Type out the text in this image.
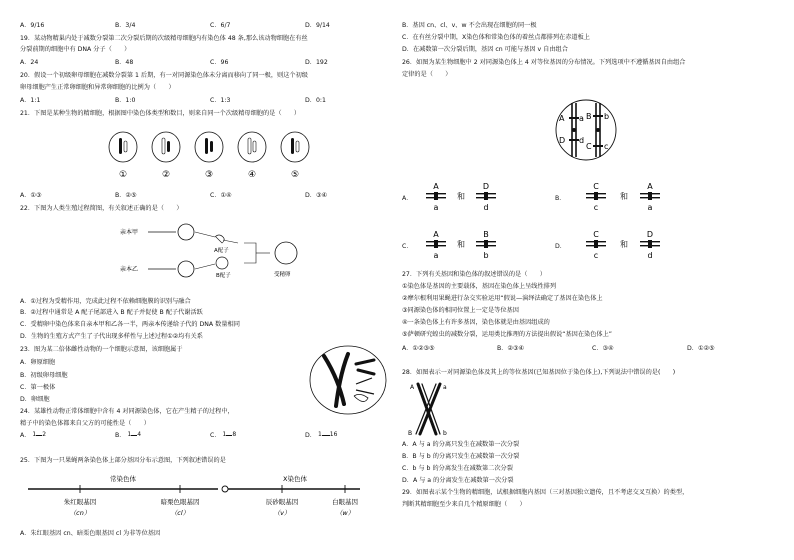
A．9/16	B．3/4	C．6/7	D．9/14
19．某动物精巢内处于减数分裂第二次分裂后期的次级精母细胞内有染色体 48 条,那么该动物细胞在有丝
分裂前期的细胞中有 DNA 分子（　　）
A．24	B．48	C．96	D．192
20．假设一个初级卵母细胞在减数分裂第 1 后期，有一对同源染色体未分离而移向了同一极，则这个初级
卵母细胞产生正常卵细胞和异常卵细胞的比例为（　　）
A．1:1	B．1:0	C．1:3	D．0:1
21．下图是某种生物的精细胞，根据图中染色体类型和数目，则来自同一个次级精母细胞的是（　　）
①	②	③	④	⑤
A．①③	B．②⑤	C．①④	D．③④
22．下图为人类生殖过程简图，有关叙述正确的是（　　）
亲本甲
亲本乙
A配子
B配子	受精卵
A．①过程为受精作用，完成此过程不依赖细胞膜的识别与融合
B．②过程中通常是 A 配子尾部进入 B 配子并促使 B 配子代谢活跃
C．受精卵中染色体来自亲本甲和乙各一半，两亲本传递给子代的 DNA 数量相同
D．生物的生殖方式产生了子代出现多样性与上述过程①②均有关系
23．图为某二倍体雌性动物的一个细胞示意图，该细胞属于
A．卵原细胞
B．初级卵母细胞
C．第一极体
D．卵细胞
24．某雄性动物正常体细胞中含有 4 对同源染色体，它在产生精子的过程中，
精子中的染色体都来自父方的可能性是（　　）
A． 1 2	B． 1 4	C． 1 8	D． 1 16
25．下图为一只果蝇两条染色体上部分基因分布示意图，下列叙述错误的是
常染色体	X染色体
朱红眼基因
（cn）
暗栗色眼基因
（cl）
辰砂眼基因
（v）
白眼基因
（w）
A．朱红眼基因 cn、暗栗色眼基因 cl 为非等位基因
B．基因 cn、cl、v、w 不会出现在细胞的同一极
C．在有丝分裂中期，X染色体和常染色体的着丝点都排列在赤道板上
D．在减数第一次分裂后期，基因 cn 可能与基因 v 自由组合
26．如图为某生物细胞中 2 对同源染色体上 4 对等位基因的分布情况。下列选项中不遵循基因自由组合
定律的是（　　）
A a
D d
B b
C c
A．
A
a
和
D
d
B．
C
c
和
A
a
C．
A
a
和
B
b
D．
C
c
和
D
d
27．下列有关基因和染色体的叙述错误的是（　　）
①染色体是基因的主要载体，基因在染色体上呈线性排列
②摩尔根利用果蝇进行杂交实验运用“假说—演绎法确定了基因在染色体上
③同源染色体的相同位置上一定是等位基因
④一条染色体上有许多基因，染色体就是由基因组成的
⑤萨顿研究蝗虫的减数分裂，运用类比推理的方法提出假说“基因在染色体上”
A．①②③⑤	B．②③④	C．③④	D．①②⑤
28．如图表示一对同源染色体及其上的等位基因(已知基因位于染色体上),下列说法中错误的是(　　)
A	a
B	b
A．A 与 a 的分离只发生在减数第一次分裂
B．B 与 b 的分离只发生在减数第一次分裂
C．b 与 b 的分离发生在减数第二次分裂
D．A 与 a 的分离发生在减数第一次分裂
29．如图表示某个生物的精细胞，试根据细胞内基因（三对基因独立遗传，且不考虑交叉互换）的类型，
判断其精细胞至少来自几个精原细胞（　　）
